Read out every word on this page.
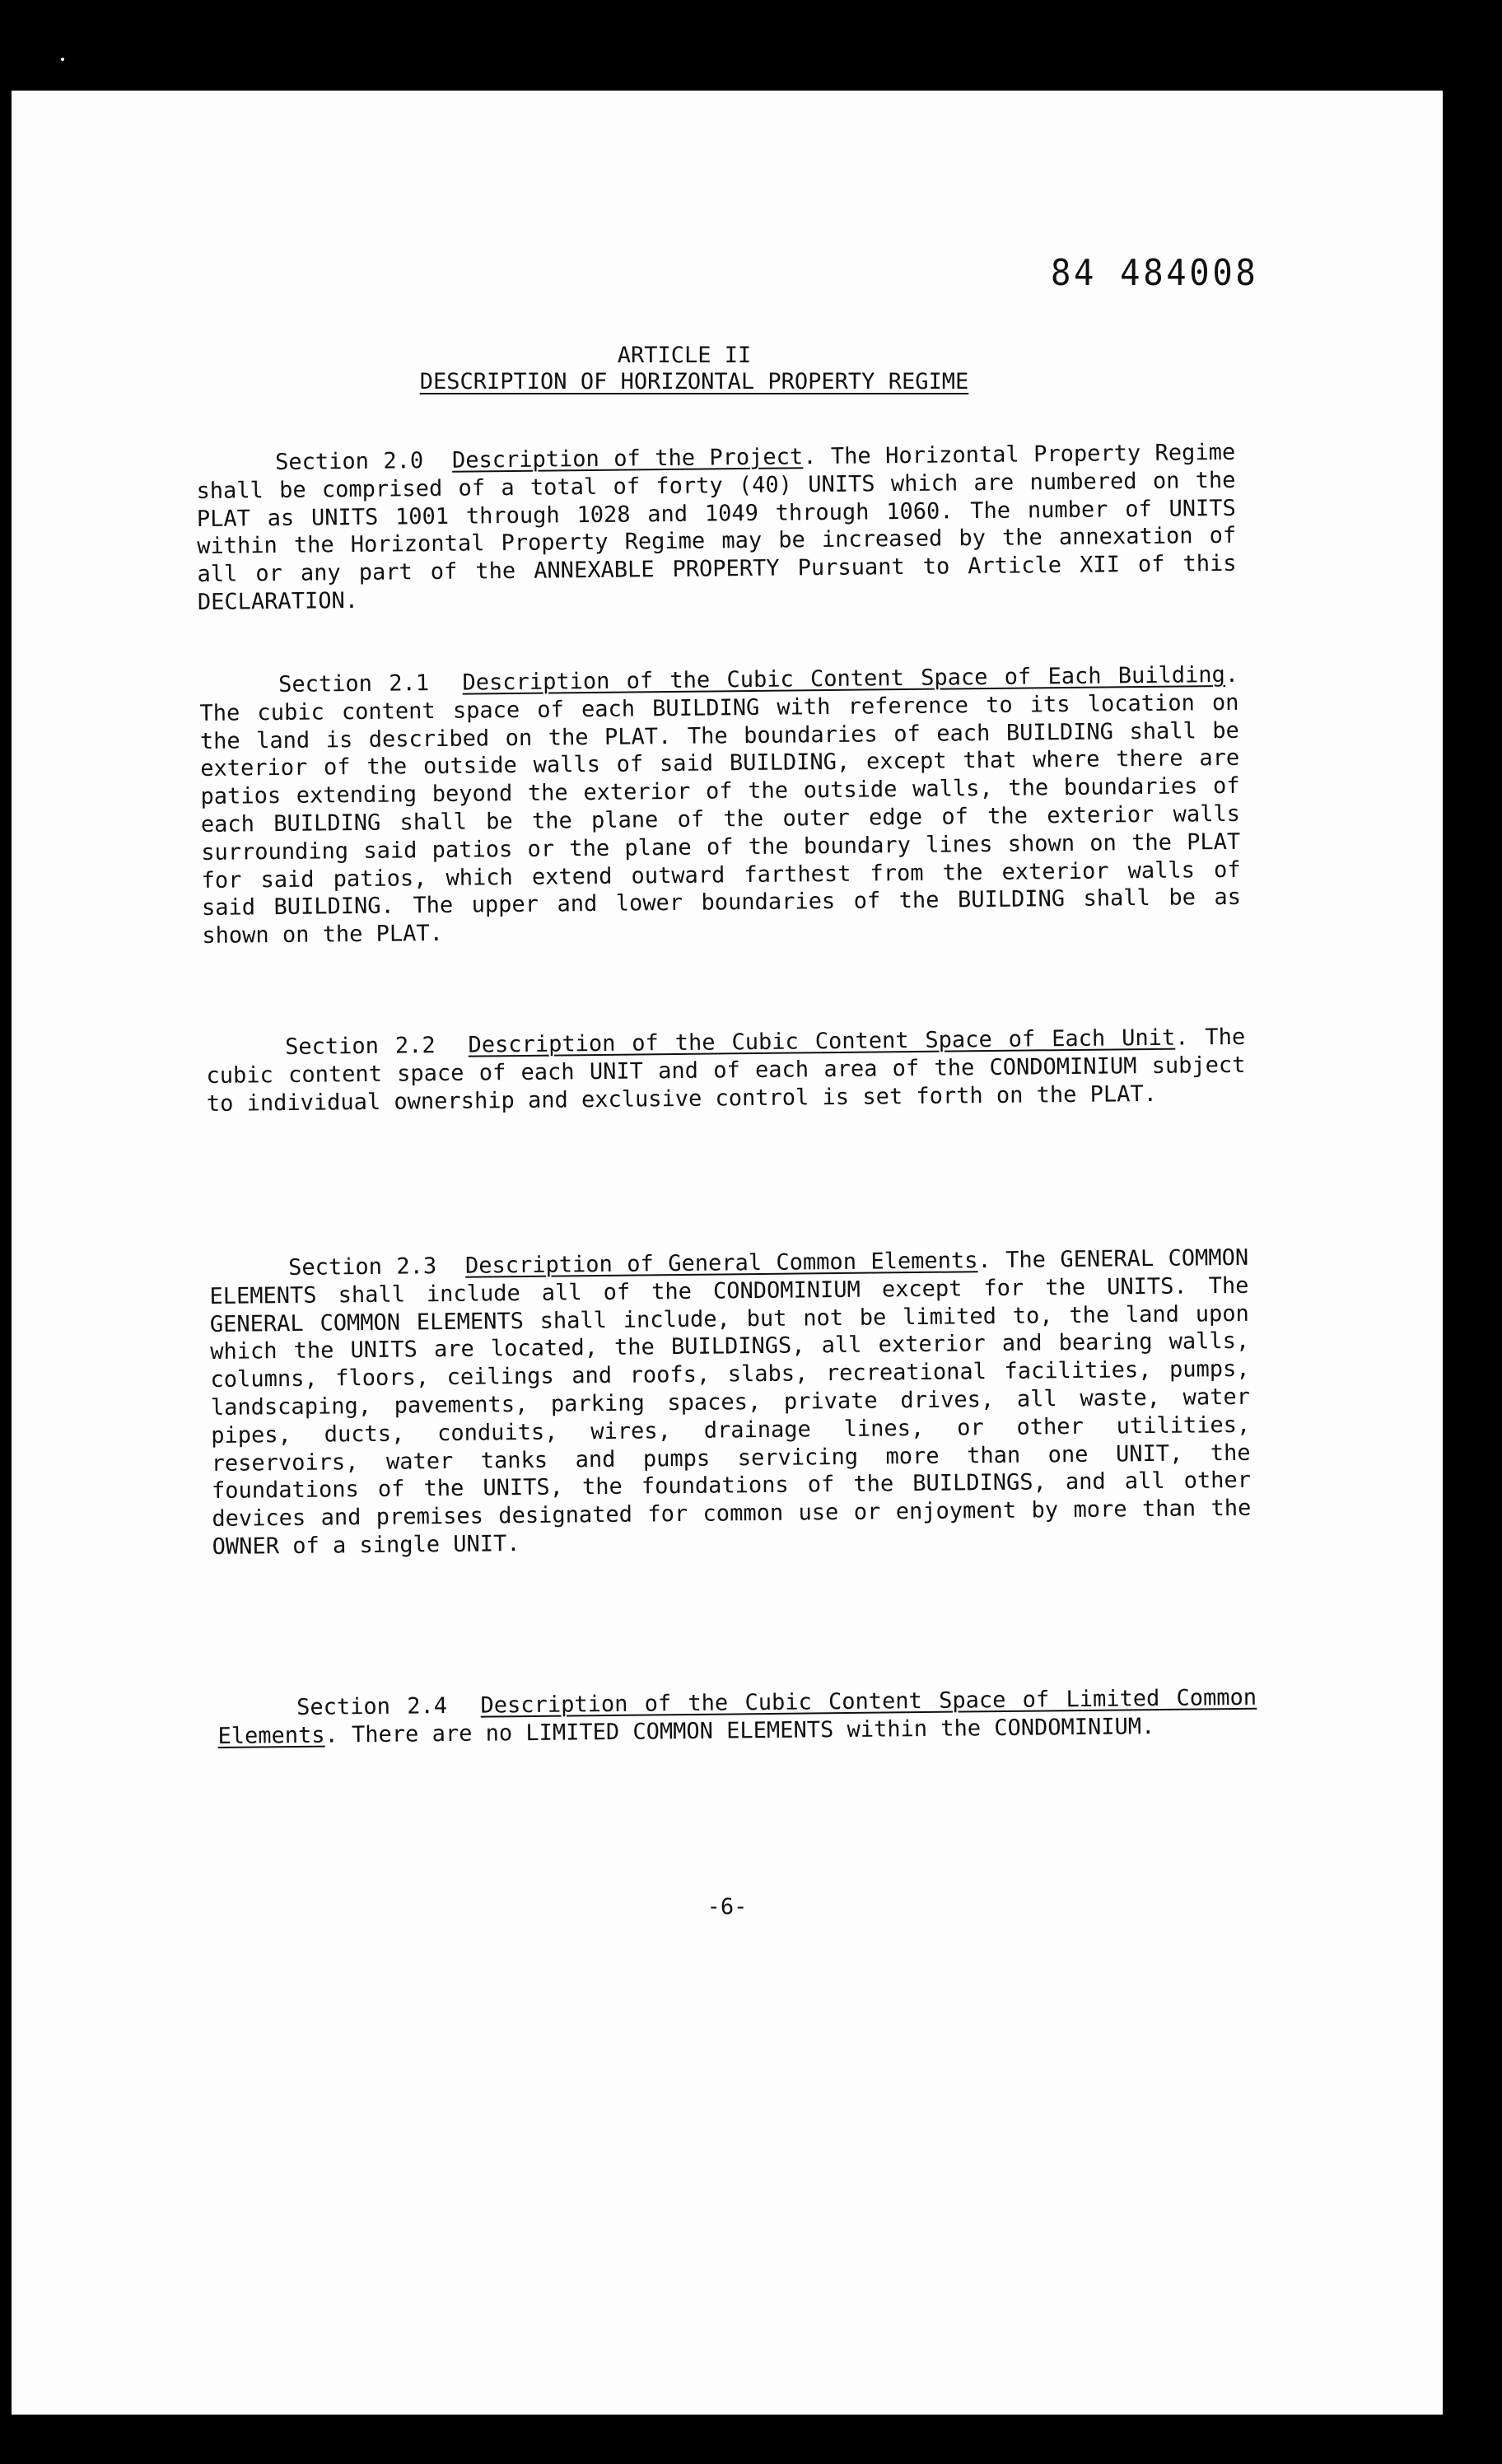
84 484008
ARTICLE II
DESCRIPTION OF HORIZONTAL PROPERTY REGIME
Section 2.0 Description of the Project. The Horizontal Property Regime shall be comprised of a total of forty (40) UNITS which are numbered on the PLAT as UNITS 1001 through 1028 and 1049 through 1060. The number of UNITS within the Horizontal Property Regime may be increased by the annexation of all or any part of the ANNEXABLE PROPERTY Pursuant to Article XII of this DECLARATION.
Section 2.1 Description of the Cubic Content Space of Each Building. The cubic content space of each BUILDING with reference to its location on the land is described on the PLAT. The boundaries of each BUILDING shall be exterior of the outside walls of said BUILDING, except that where there are patios extending beyond the exterior of the outside walls, the boundaries of each BUILDING shall be the plane of the outer edge of the exterior walls surrounding said patios or the plane of the boundary lines shown on the PLAT for said patios, which extend outward farthest from the exterior walls of said BUILDING. The upper and lower boundaries of the BUILDING shall be as shown on the PLAT.
Section 2.2 Description of the Cubic Content Space of Each Unit. The cubic content space of each UNIT and of each area of the CONDOMINIUM subject to individual ownership and exclusive control is set forth on the PLAT.
Section 2.3 Description of General Common Elements. The GENERAL COMMON ELEMENTS shall include all of the CONDOMINIUM except for the UNITS. The GENERAL COMMON ELEMENTS shall include, but not be limited to, the land upon which the UNITS are located, the BUILDINGS, all exterior and bearing walls, columns, floors, ceilings and roofs, slabs, recreational facilities, pumps, landscaping, pavements, parking spaces, private drives, all waste, water pipes, ducts, conduits, wires, drainage lines, or other utilities, reservoirs, water tanks and pumps servicing more than one UNIT, the foundations of the UNITS, the foundations of the BUILDINGS, and all other devices and premises designated for common use or enjoyment by more than the OWNER of a single UNIT.
Section 2.4 Description of the Cubic Content Space of Limited Common Elements. There are no LIMITED COMMON ELEMENTS within the CONDOMINIUM.
-6-
